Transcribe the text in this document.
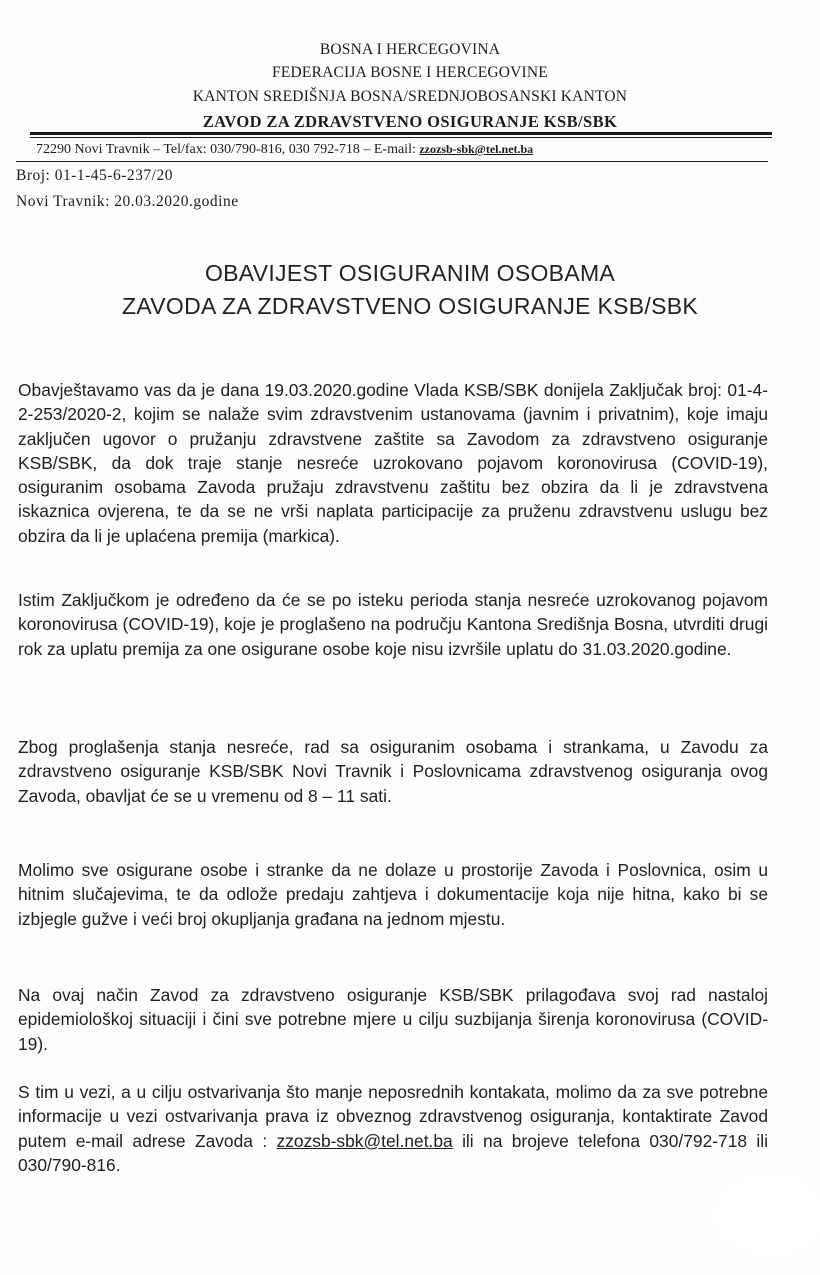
BOSNA I HERCEGOVINA
FEDERACIJA BOSNE I HERCEGOVINE
KANTON SREDIŠNJA BOSNA/SREDNJOBOSANSKI KANTON
ZAVOD ZA ZDRAVSTVENO OSIGURANJE KSB/SBK
72290 Novi Travnik – Tel/fax: 030/790-816, 030 792-718 – E-mail: zzozsb-sbk@tel.net.ba
Broj: 01-1-45-6-237/20
Novi Travnik: 20.03.2020.godine
OBAVIJEST OSIGURANIM OSOBAMA
ZAVODA ZA ZDRAVSTVENO OSIGURANJE KSB/SBK

Obavještavamo vas da je dana 19.03.2020.godine Vlada KSB/SBK donijela Zaključak broj: 01-4-2-253/2020-2, kojim se nalaže svim zdravstvenim ustanovama (javnim i privatnim), koje imaju zaključen ugovor o pružanju zdravstvene zaštite sa Zavodom za zdravstveno osiguranje KSB/SBK, da dok traje stanje nesreće uzrokovano pojavom koronovirusa (COVID-19), osiguranim osobama Zavoda pružaju zdravstvenu zaštitu bez obzira da li je zdravstvena iskaznica ovjerena, te da se ne vrši naplata participacije za pruženu zdravstvenu uslugu bez obzira da li je uplaćena premija (markica).

Istim Zaključkom je određeno da će se po isteku perioda stanja nesreće uzrokovanog pojavom koronovirusa (COVID-19), koje je proglašeno na području Kantona Središnja Bosna, utvrditi drugi rok za uplatu premija za one osigurane osobe koje nisu izvršile uplatu do 31.03.2020.godine.

Zbog proglašenja stanja nesreće, rad sa osiguranim osobama i strankama, u Zavodu za zdravstveno osiguranje KSB/SBK Novi Travnik i Poslovnicama zdravstvenog osiguranja ovog Zavoda, obavljat će se u vremenu od 8 – 11 sati.

Molimo sve osigurane osobe i stranke da ne dolaze u prostorije Zavoda i Poslovnica, osim u hitnim slučajevima, te da odlože predaju zahtjeva i dokumentacije koja nije hitna, kako bi se izbjegle gužve i veći broj okupljanja građana na jednom mjestu.

Na ovaj način Zavod za zdravstveno osiguranje KSB/SBK prilagođava svoj rad nastaloj epidemiološkoj situaciji i čini sve potrebne mjere u cilju suzbijanja širenja koronovirusa (COVID-19).

S tim u vezi, a u cilju ostvarivanja što manje neposrednih kontakata, molimo da za sve potrebne informacije u vezi ostvarivanja prava iz obveznog zdravstvenog osiguranja, kontaktirate Zavod putem e-mail adrese Zavoda : zzozsb-sbk@tel.net.ba ili na brojeve telefona 030/792-718 ili 030/790-816.
